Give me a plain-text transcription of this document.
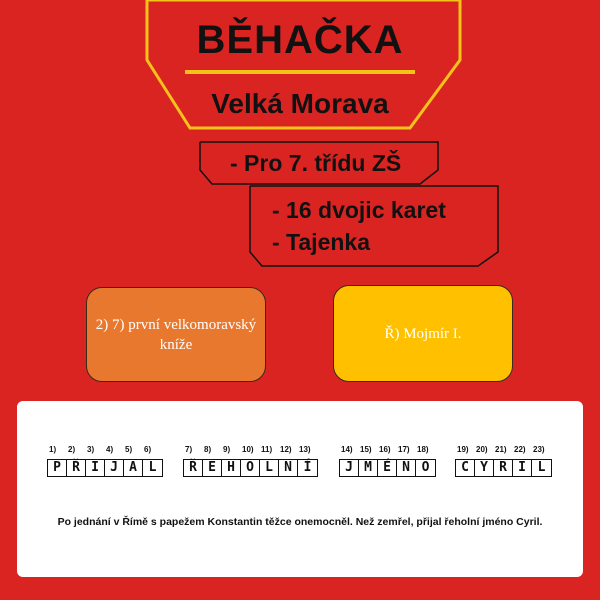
BĚHAČKA
Velká Morava
- Pro 7. třídu ZŠ
- 16 dvojic karet
- Tajenka
2) 7) první velkomoravský kníže
Ř) Mojmír I.
1) 2) 3) 4) 5) 6)
P Ř I J A L
7) 8) 9) 10) 11) 12) 13)
Ř E H O L N Í
14) 15) 16) 17) 18)
J M É N O
19) 20) 21) 22) 23)
C Y R I L
Po jednání v Římě s papežem Konstantin těžce onemocněl. Než zemřel, přijal řeholní jméno Cyril.
